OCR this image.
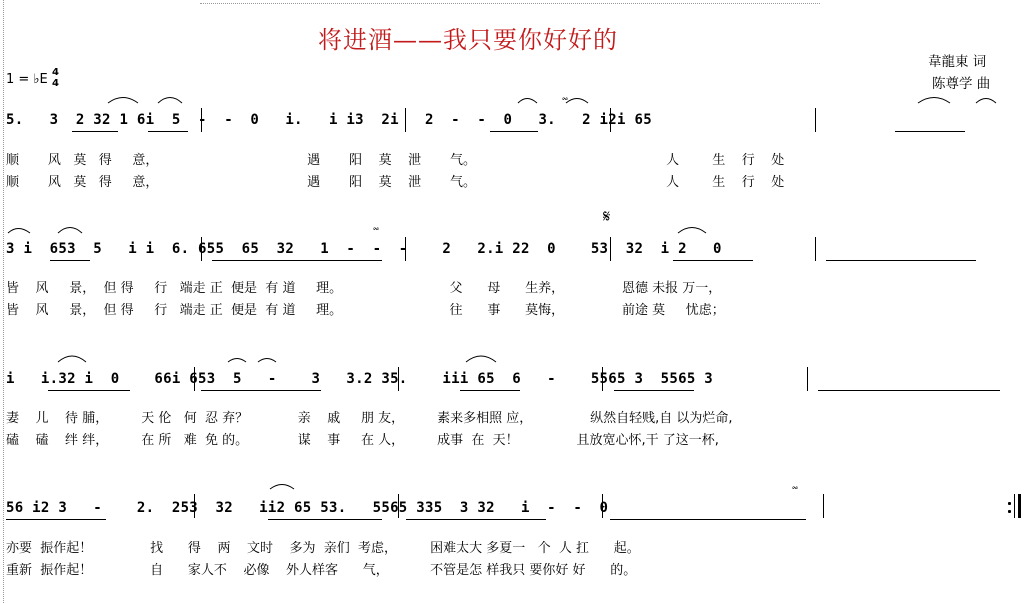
将进酒——我只要你好好的
韋龍東 词
陈尊学 曲
1 = ♭E 4
4
𝄋
5.   3  2 32 1 6i  5  -  -  0   i.   i i3  2i   2  -  -  0   3.   2 i2i 65
顺       风   莫   得     意，                                    遇       阳    莫    泄       气。                                              人        生    行    处
顺       风   莫   得     意，                                    遇       阳    莫    泄       气。                                              人        生    行    处
3 i  653  5   i i  6. 655  65  32   1  -  -  -    2   2.i 22  0    53  32  i 2   0
皆    风     景，  但 得     行   端走 正  便是  有 道     理。                          父      母      生养，              恩德 未报 万一，
皆    风     景，  但 得     行   端走 正  便是  有 道     理。                          往      事      莫悔，              前途 莫     忧虑；
i   i.32 i  0    66i 653  5   -    3   3.2 35.    iii 65  6   -    5565 3  5565 3
妻    儿    待 脯，        天 伦   何  忍 弃？            亲    戚     朋 友，        素来多相照 应，              纵然自轻贱,自 以为烂命,
磕    磕    绊 绊，        在 所   难  免 的。            谋    事     在 人，        成事  在  天！              且放宽心怀,干 了这一杯,
56 i2 3   -    2.  253  32   ii2 65 53.   5565 335  3 32   i  -  -  0
亦要  振作起！              找      得    两    文时    多为  亲们  考虑，        困难太大 多夏一   个  人 扛      起。
重新  振作起！              自      家人不    必像    外人样客      气，          不管是怎 样我只 要你好 好      的。
𝆗
𝆗
𝆗
